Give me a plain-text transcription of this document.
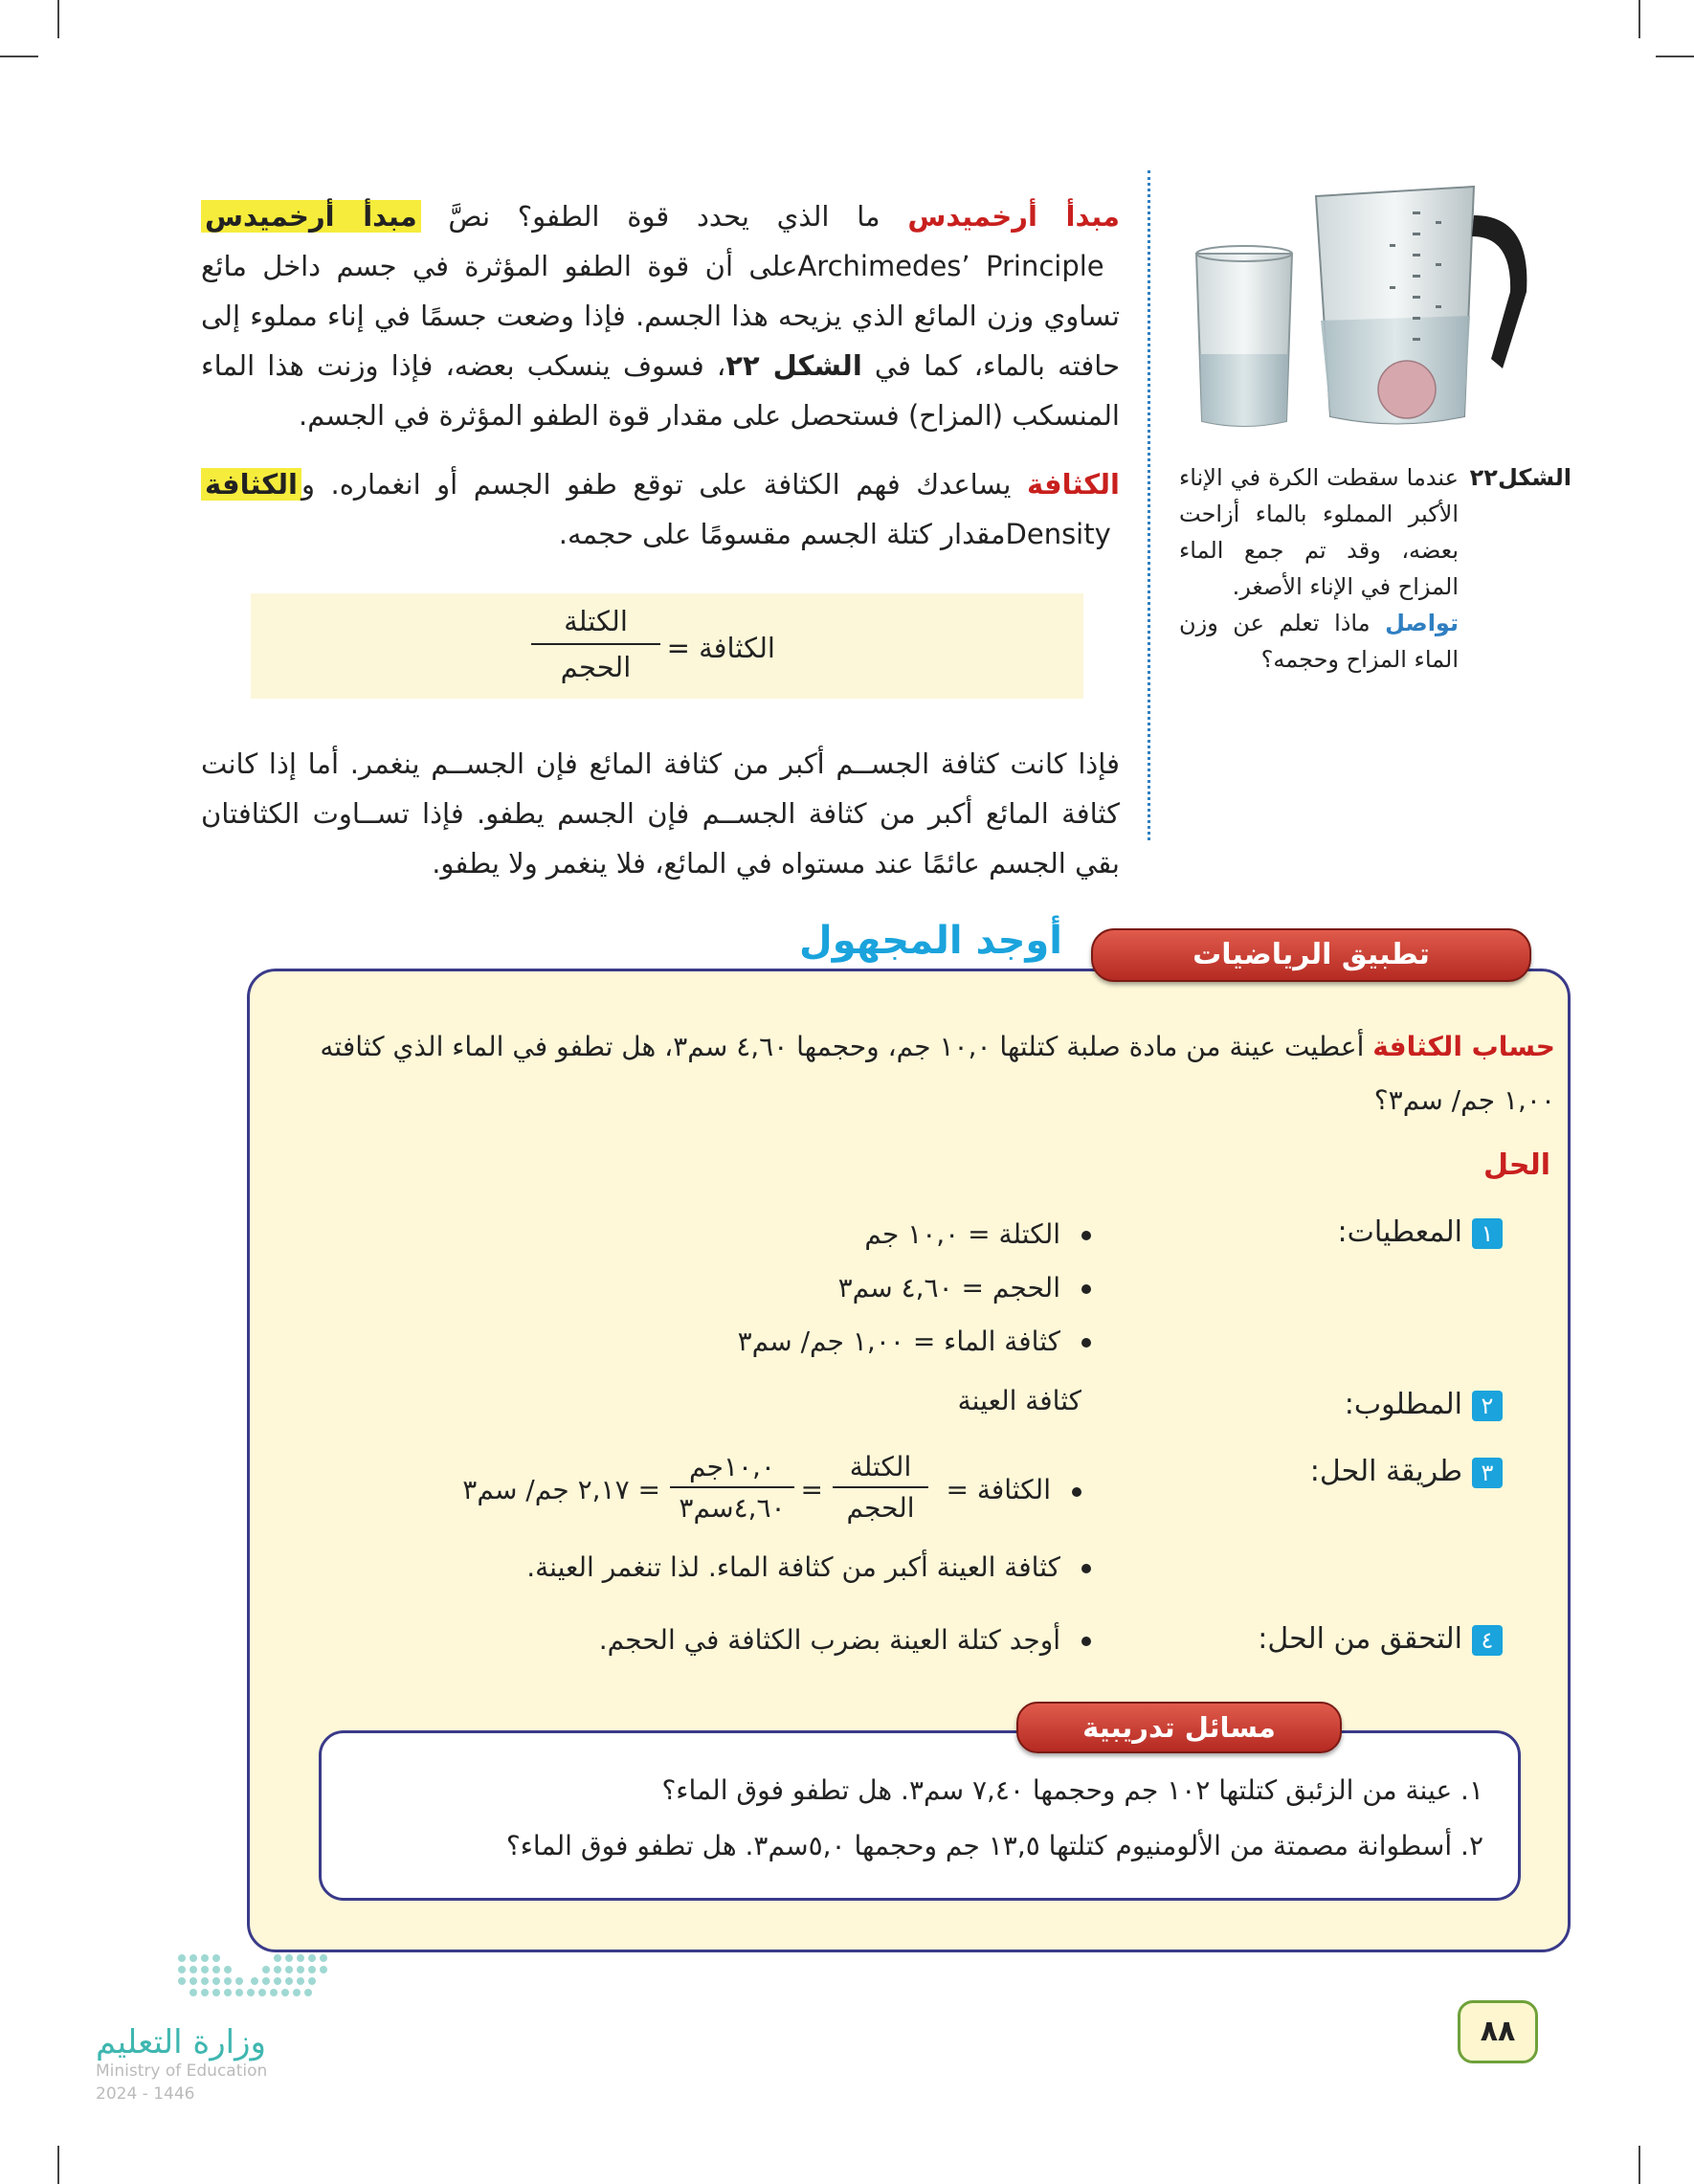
مبدأ أرخميدس ما الذي يحدد قوة الطفو؟ نصَّ مبدأ أرخميدس Archimedes’ Principle على أن قوة الطفو المؤثرة في جسم داخل مائع تساوي وزن المائع الذي يزيحه هذا الجسم. فإذا وضعت جسمًا في إناء مملوء إلى حافته بالماء، كما في الشكل ٢٢، فسوف ينسكب بعضه، فإذا وزنت هذا الماء المنسكب (المزاح) فستحصل على مقدار قوة الطفو المؤثرة في الجسم.

الكثافة يساعدك فهم الكثافة على توقع طفو الجسم أو انغماره. والكثافة Density مقدار كتلة الجسم مقسومًا على حجمه.

الكثافة =
الكتلة
الحجم
فإذا كانت كثافة الجســم أكبر من كثافة المائع فإن الجســم ينغمر. أما إذا كانت كثافة المائع أكبر من كثافة الجســم فإن الجسم يطفو. فإذا تســاوت الكثافتان بقي الجسم عائمًا عند مستواه في المائع، فلا ينغمر ولا يطفو.
الشكل٢٢
عندما سقطت الكرة في الإناء الأكبر المملوء بالماء أزاحت بعضه، وقد تم جمع الماء المزاح في الإناء الأصغر.
تواصل ماذا تعلم عن وزن الماء المزاح وحجمه؟
أوجد المجهول	تطبيق الرياضيات
حساب الكثافة أعطيت عينة من مادة صلبة كتلتها ١٠,٠ جم، وحجمها ٤,٦٠ سم٣، هل تطفو في الماء الذي كثافته ١,٠٠ جم/ سم٣؟
الحل
١المعطيات:
٢المطلوب:
٣طريقة الحل:
٤التحقق من الحل:
الكتلة = ١٠,٠ جم
الحجم = ٤,٦٠ سم٣
كثافة الماء = ١,٠٠ جم/ سم٣
كثافة العينة
الكثافة =
الكتلة
الحجم
=
١٠,٠جم
٤,٦٠سم٣
= ٢,١٧ جم/ سم٣
كثافة العينة أكبر من كثافة الماء. لذا تنغمر العينة.
أوجد كتلة العينة بضرب الكثافة في الحجم.
مسائل تدريبية
١. عينة من الزئبق كتلتها ١٠٢ جم وحجمها ٧,٤٠ سم٣. هل تطفو فوق الماء؟
٢. أسطوانة مصمتة من الألومنيوم كتلتها ١٣,٥ جم وحجمها ٥,٠سم٣. هل تطفو فوق الماء؟
وزارة التعليم
Ministry of Education
2024 - 1446
٨٨
